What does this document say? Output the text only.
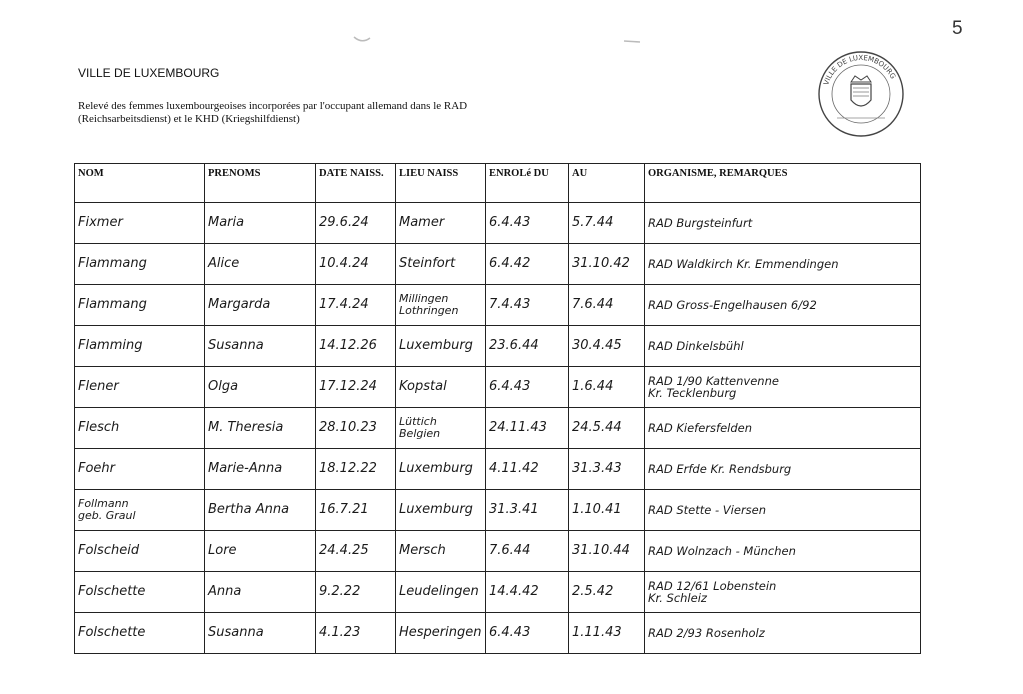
5
VILLE DE LUXEMBOURG
Relevé des femmes luxembourgeoises incorporées par l'occupant allemand dans le RAD (Reichsarbeitsdienst) et le KHD (Kriegshilfdienst)
VILLE DE LUXEMBOURG
NOM	PRENOMS	DATE NAISS.	LIEU NAISS	ENROLé DU	AU	ORGANISME, REMARQUES

Fixmer	Maria	29.6.24	Mamer	6.4.43	5.7.44	RAD Burgsteinfurt

Flammang	Alice	10.4.24	Steinfort	6.4.42	31.10.42	RAD Waldkirch Kr. Emmendingen

Flammang	Margarda	17.4.24	Millingen
Lothringen	7.4.43	7.6.44	RAD Gross-Engelhausen 6/92

Flamming	Susanna	14.12.26	Luxemburg	23.6.44	30.4.45	RAD Dinkelsbühl

Flener	Olga	17.12.24	Kopstal	6.4.43	1.6.44	RAD 1/90 Kattenvenne
Kr. Tecklenburg

Flesch	M. Theresia	28.10.23	Lüttich
Belgien	24.11.43	24.5.44	RAD Kiefersfelden

Foehr	Marie-Anna	18.12.22	Luxemburg	4.11.42	31.3.43	RAD Erfde Kr. Rendsburg

Follmann
geb. Graul	Bertha Anna	16.7.21	Luxemburg	31.3.41	1.10.41	RAD Stette - Viersen

Folscheid	Lore	24.4.25	Mersch	7.6.44	31.10.44	RAD Wolnzach - München

Folschette	Anna	9.2.22	Leudelingen	14.4.42	2.5.42	RAD 12/61 Lobenstein
Kr. Schleiz

Folschette	Susanna	4.1.23	Hesperingen	6.4.43	1.11.43	RAD 2/93 Rosenholz
